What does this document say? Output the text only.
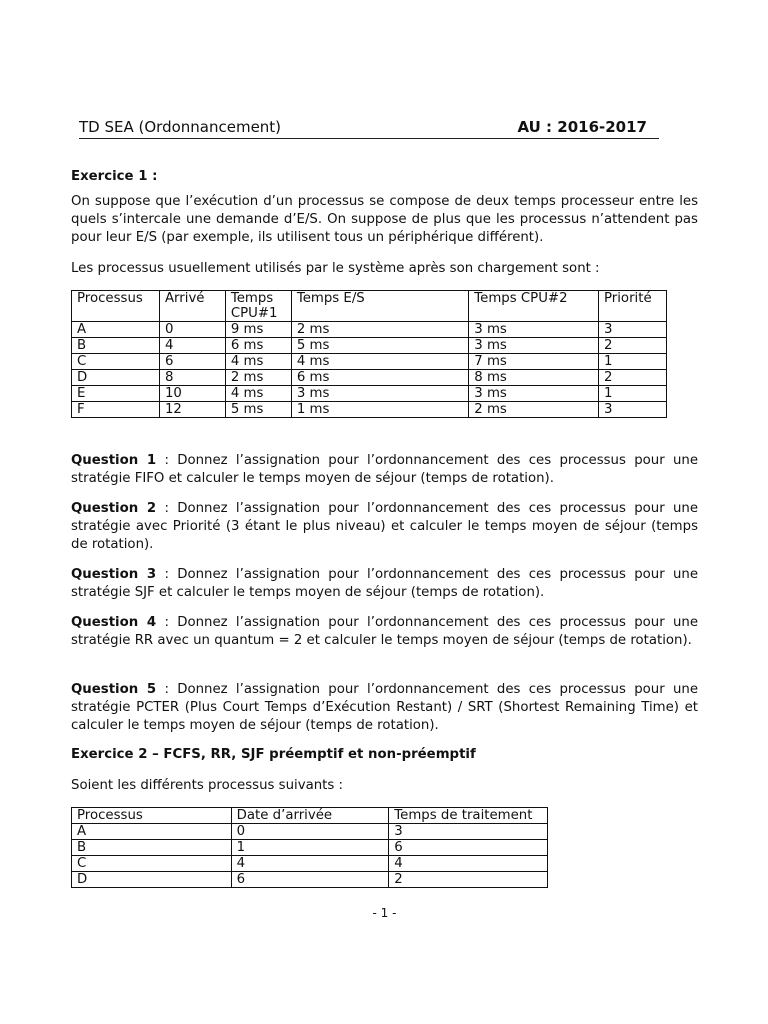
TD SEA (Ordonnancement)	AU : 2016-2017

Exercice 1 :

On suppose que l’exécution d’un processus se compose de deux temps processeur entre les quels s’intercale une demande d’E/S. On suppose de plus que les processus n’attendent pas pour leur E/S (par exemple, ils utilisent tous un périphérique différent).

Les processus usuellement utilisés par le système après son chargement sont :

Processus	Arrivé	Temps CPU#1	Temps E/S	Temps CPU#2	Priorité
A	0	9 ms	2 ms	3 ms	3
B	4	6 ms	5 ms	3 ms	2
C	6	4 ms	4 ms	7 ms	1
D	8	2 ms	6 ms	8 ms	2
E	10	4 ms	3 ms	3 ms	1
F	12	5 ms	1 ms	2 ms	3

Question 1 : Donnez l’assignation pour l’ordonnancement des ces processus pour une stratégie FIFO et calculer le temps moyen de séjour (temps de rotation).

Question 2 : Donnez l’assignation pour l’ordonnancement des ces processus pour une stratégie avec Priorité (3 étant le plus niveau) et calculer le temps moyen de séjour (temps de rotation).

Question 3 : Donnez l’assignation pour l’ordonnancement des ces processus pour une stratégie SJF et calculer le temps moyen de séjour (temps de rotation).

Question 4 : Donnez l’assignation pour l’ordonnancement des ces processus pour une stratégie RR avec un quantum = 2 et calculer le temps moyen de séjour (temps de rotation).

Question 5 : Donnez l’assignation pour l’ordonnancement des ces processus pour une stratégie PCTER (Plus Court Temps d’Exécution Restant) / SRT (Shortest Remaining Time) et calculer le temps moyen de séjour (temps de rotation).

Exercice 2 – FCFS, RR, SJF préemptif et non-préemptif

Soient les différents processus suivants :

Processus	Date d’arrivée	Temps de traitement
A	0	3
B	1	6
C	4	4
D	6	2
- 1 -
